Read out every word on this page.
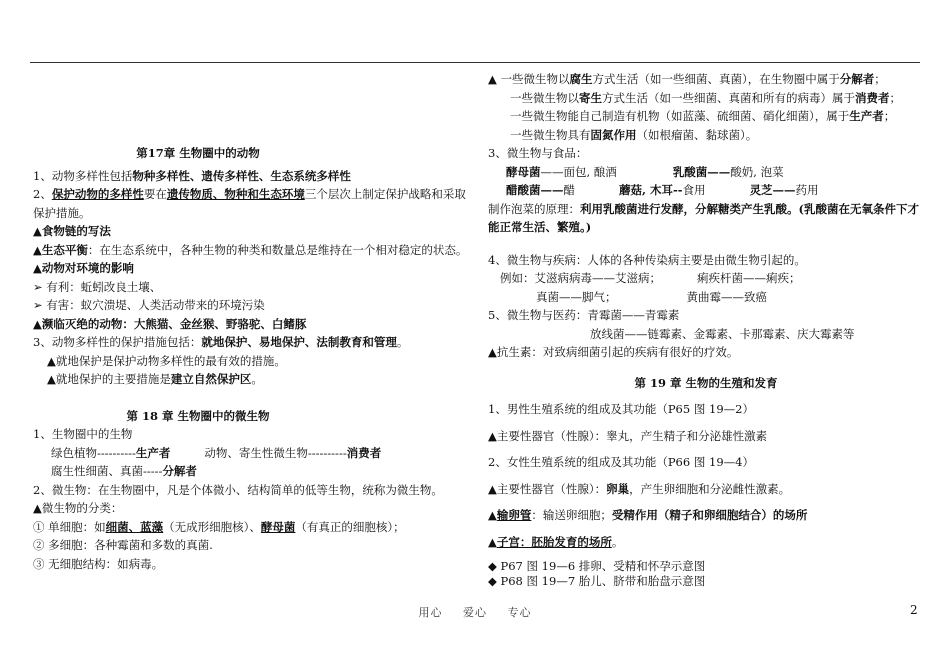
第17章 生物圈中的动物
1、动物多样性包括物种多样性、遗传多样性、生态系统多样性
2、保护动物的多样性要在遗传物质、物种和生态环境三个层次上制定保护战略和采取保护措施。
▲食物链的写法
▲生态平衡：在生态系统中，各种生物的种类和数量总是维持在一个相对稳定的状态。
▲动物对环境的影响
➢ 有利：蚯蚓改良土壤、
➢ 有害：蚁穴溃堤、人类活动带来的环境污染
▲濒临灭绝的动物：大熊猫、金丝猴、野骆驼、白鳍豚
3、动物多样性的保护措施包括：就地保护、易地保护、法制教育和管理。
▲就地保护是保护动物多样性的最有效的措施。
▲就地保护的主要措施是建立自然保护区。
第 18 章 生物圈中的微生物
1、生物圈中的生物
绿色植物----------生产者	动物、寄生性微生物----------消费者
腐生性细菌、真菌-----分解者
2、微生物：在生物圈中，凡是个体微小、结构简单的低等生物，统称为微生物。
▲微生物的分类：
① 单细胞：如细菌、蓝藻（无成形细胞核）、酵母菌（有真正的细胞核）；
② 多细胞：各种霉菌和多数的真菌.
③ 无细胞结构：如病毒。
▲ 一些微生物以腐生方式生活（如一些细菌、真菌），在生物圈中属于分解者；
一些微生物以寄生方式生活（如一些细菌、真菌和所有的病毒）属于消费者；
一些微生物能自己制造有机物（如蓝藻、硫细菌、硝化细菌），属于生产者；
一些微生物具有固氮作用（如根瘤菌、黏球菌）。
3、微生物与食品：
酵母菌——面包, 酿酒	乳酸菌——酸奶, 泡菜
醋酸菌——醋	蘑菇, 木耳--食用	灵芝——药用
制作泡菜的原理：利用乳酸菌进行发酵，分解糖类产生乳酸。(乳酸菌在无氧条件下才能正常生活、繁殖。)
4、微生物与疾病：人体的各种传染病主要是由微生物引起的。
例如：艾滋病病毒——艾滋病；	痢疾杆菌——痢疾；
真菌——脚气；	黄曲霉——致癌
5、微生物与医药：青霉菌——青霉素
放线菌——链霉素、金霉素、卡那霉素、庆大霉素等
▲抗生素：对致病细菌引起的疾病有很好的疗效。
第 19 章 生物的生殖和发育
1、男性生殖系统的组成及其功能（P65 图 19—2）
▲主要性器官（性腺）：睾丸，产生精子和分泌雄性激素
2、女性生殖系统的组成及其功能（P66 图 19—4）
▲主要性器官（性腺）：卵巢，产生卵细胞和分泌雌性激素。
▲输卵管：输送卵细胞；受精作用（精子和卵细胞结合）的场所
▲子宫：胚胎发育的场所。
◆ P67 图 19—6 排卵、受精和怀孕示意图
◆ P68 图 19—7 胎儿、脐带和胎盘示意图
用心 爱心 专心	2
